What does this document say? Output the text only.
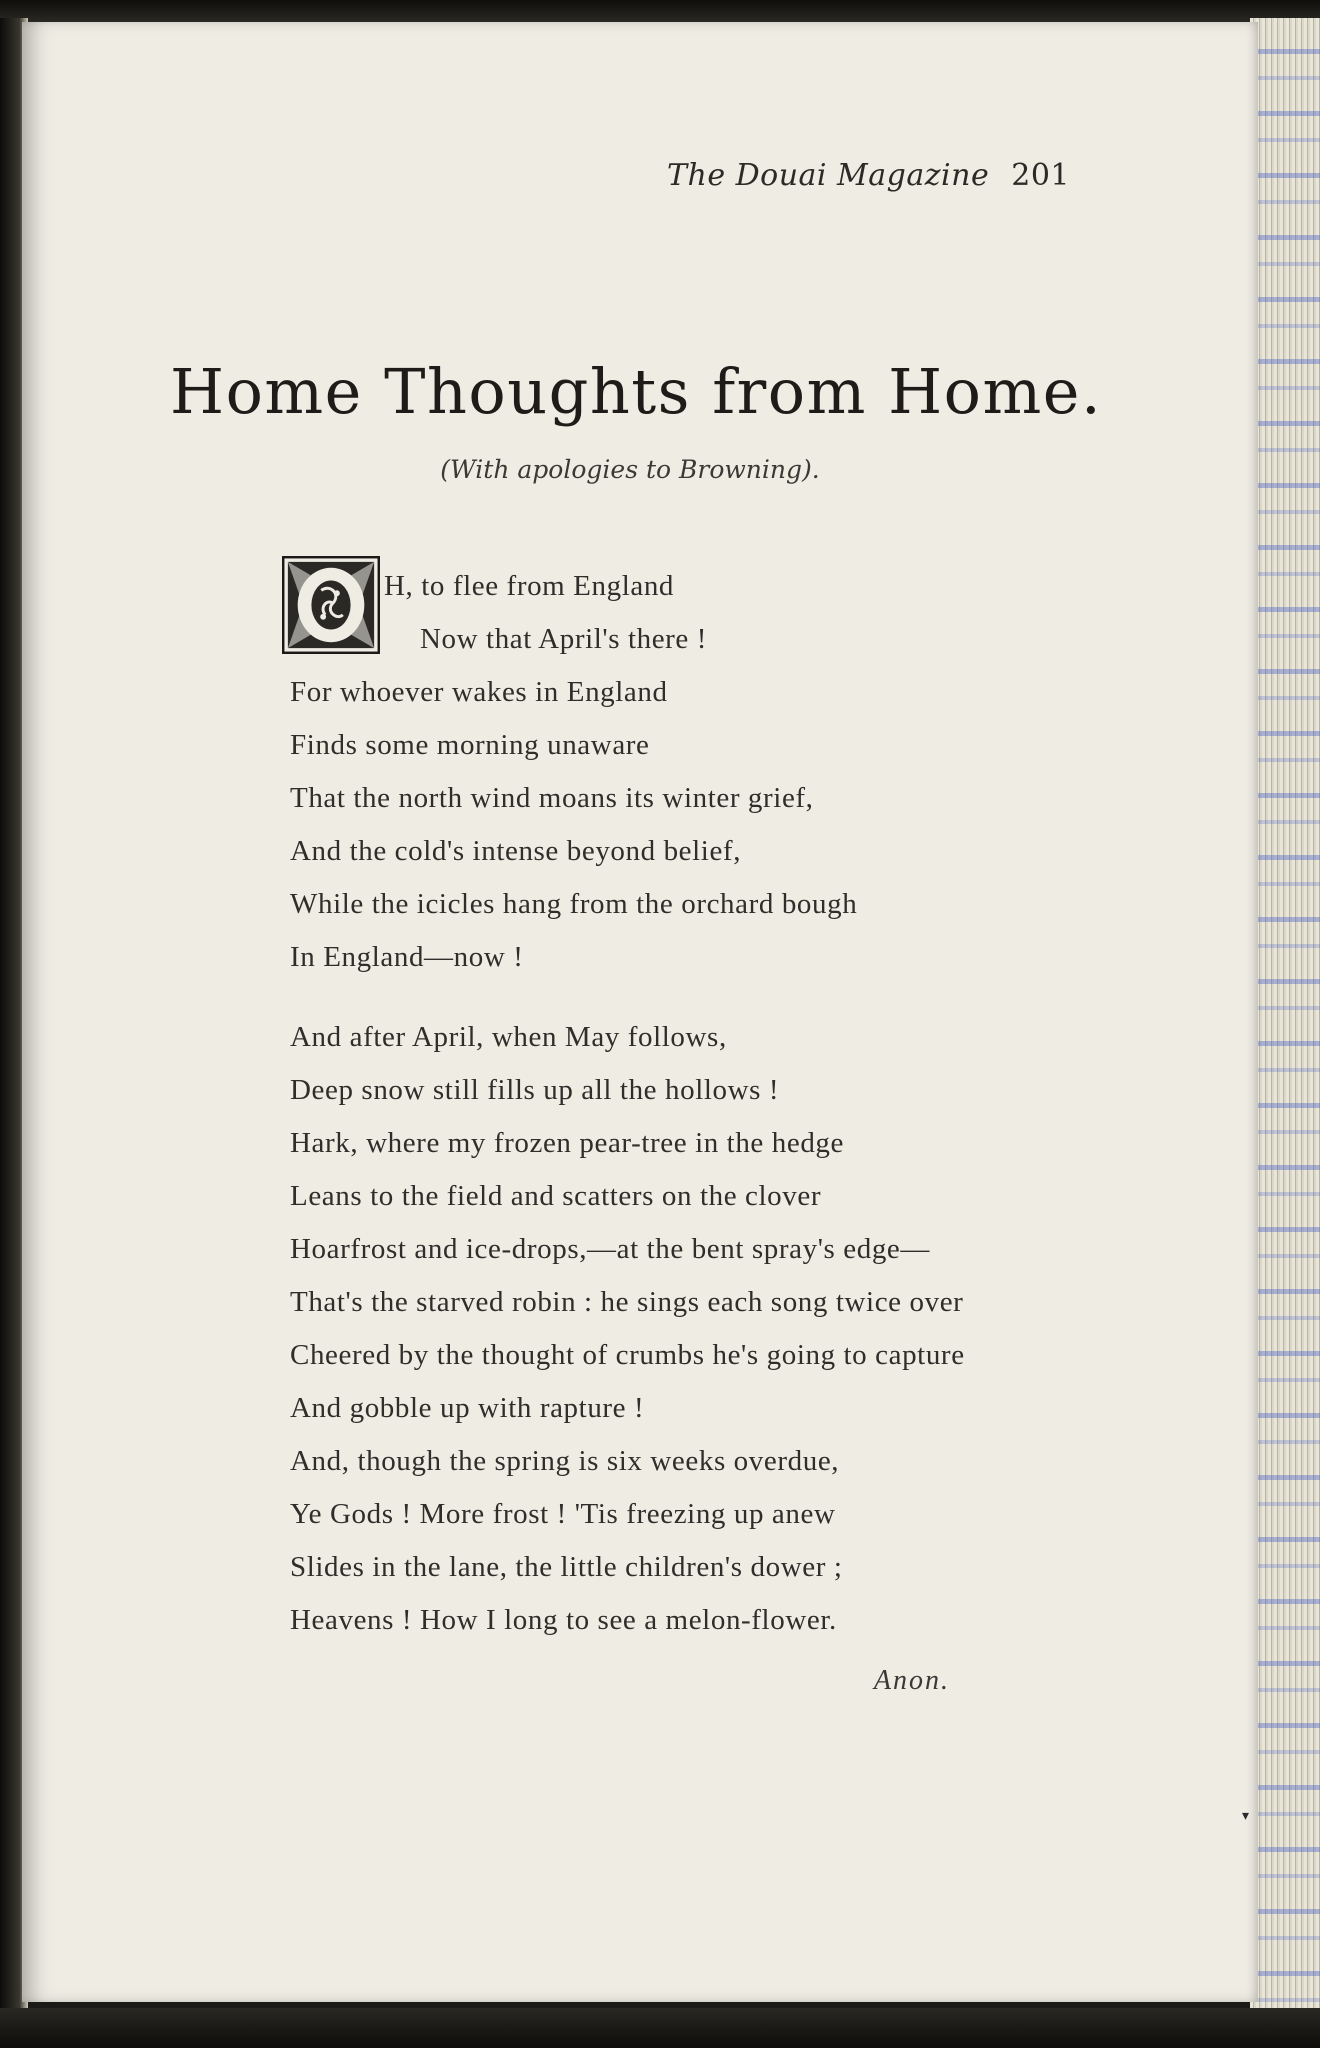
The Douai Magazine 201
Home Thoughts from Home.
(With apologies to Browning).
H, to flee from England
Now that April's there !
For whoever wakes in England
Finds some morning unaware
That the north wind moans its winter grief,
And the cold's intense beyond belief,
While the icicles hang from the orchard bough
In England—now !
And after April, when May follows,
Deep snow still fills up all the hollows !
Hark, where my frozen pear-tree in the hedge
Leans to the field and scatters on the clover
Hoarfrost and ice-drops,—at the bent spray's edge—
That's the starved robin : he sings each song twice over
Cheered by the thought of crumbs he's going to capture
And gobble up with rapture !
And, though the spring is six weeks overdue,
Ye Gods ! More frost ! 'Tis freezing up anew
Slides in the lane, the little children's dower ;
Heavens ! How I long to see a melon-flower.
Anon.
▾
